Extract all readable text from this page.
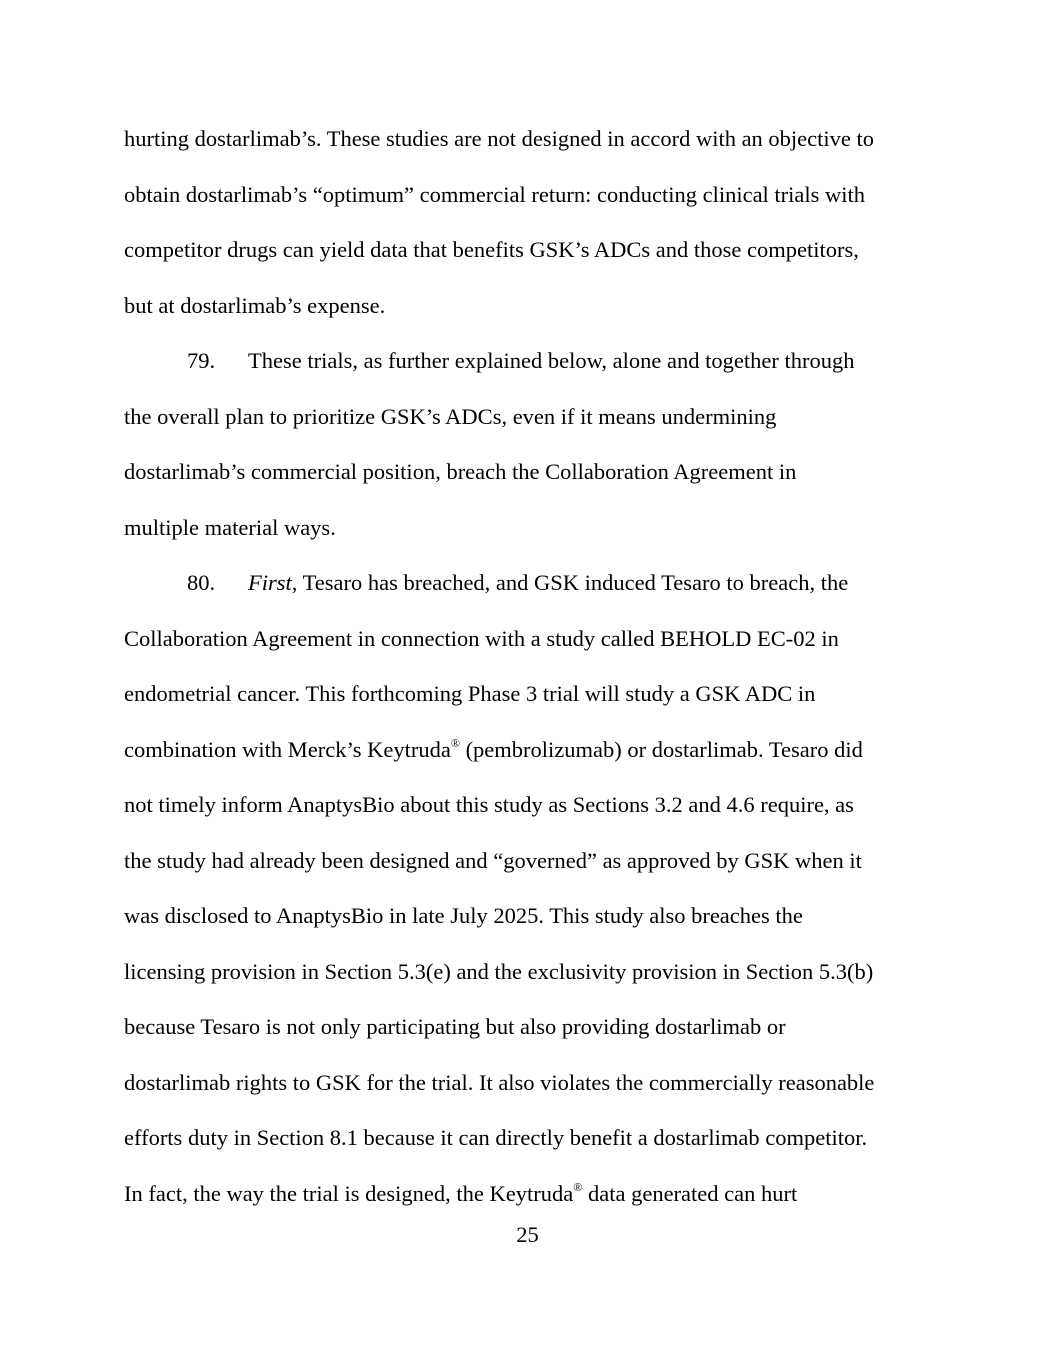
hurting dostarlimab’s. These studies are not designed in accord with an objective to
obtain dostarlimab’s “optimum” commercial return: conducting clinical trials with
competitor drugs can yield data that benefits GSK’s ADCs and those competitors,
but at dostarlimab’s expense.
79. These trials, as further explained below, alone and together through
the overall plan to prioritize GSK’s ADCs, even if it means undermining
dostarlimab’s commercial position, breach the Collaboration Agreement in
multiple material ways.
80. First, Tesaro has breached, and GSK induced Tesaro to breach, the
Collaboration Agreement in connection with a study called BEHOLD EC-02 in
endometrial cancer. This forthcoming Phase 3 trial will study a GSK ADC in
combination with Merck’s Keytruda® (pembrolizumab) or dostarlimab. Tesaro did
not timely inform AnaptysBio about this study as Sections 3.2 and 4.6 require, as
the study had already been designed and “governed” as approved by GSK when it
was disclosed to AnaptysBio in late July 2025. This study also breaches the
licensing provision in Section 5.3(e) and the exclusivity provision in Section 5.3(b)
because Tesaro is not only participating but also providing dostarlimab or
dostarlimab rights to GSK for the trial. It also violates the commercially reasonable
efforts duty in Section 8.1 because it can directly benefit a dostarlimab competitor.
In fact, the way the trial is designed, the Keytruda® data generated can hurt
25
